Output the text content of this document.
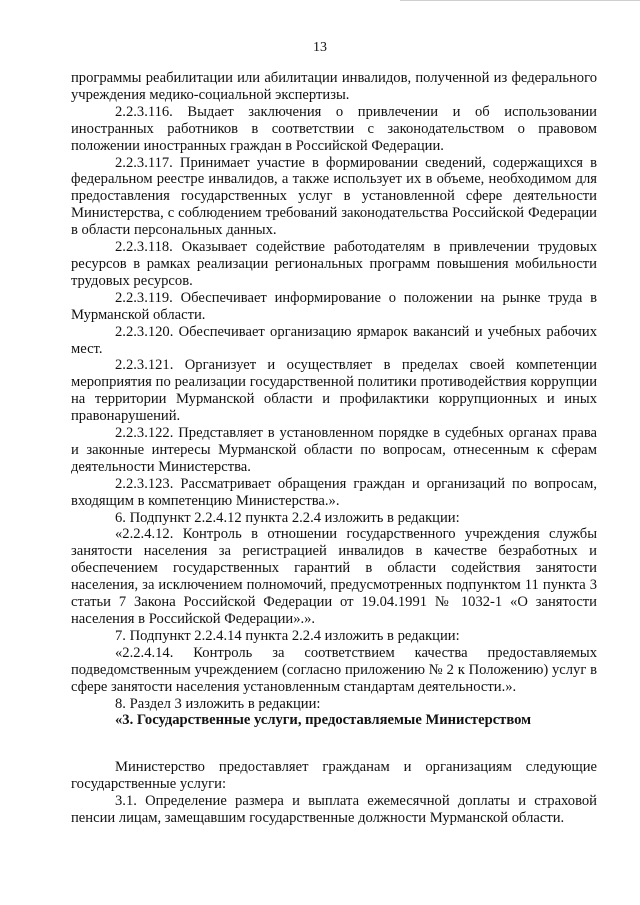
13

программы реабилитации или абилитации инвалидов, полученной из федерального учреждения медико-социальной экспертизы.

2.2.3.116. Выдает заключения о привлечении и об использовании иностранных работников в соответствии с законодательством о правовом положении иностранных граждан в Российской Федерации.

2.2.3.117. Принимает участие в формировании сведений, содержащихся в федеральном реестре инвалидов, а также использует их в объеме, необходимом для предоставления государственных услуг в установленной сфере деятельности Министерства, с соблюдением требований законодательства Российской Федерации в области персональных данных.

2.2.3.118. Оказывает содействие работодателям в привлечении трудовых ресурсов в рамках реализации региональных программ повышения мобильности трудовых ресурсов.

2.2.3.119. Обеспечивает информирование о положении на рынке труда в Мурманской области.

2.2.3.120. Обеспечивает организацию ярмарок вакансий и учебных рабочих мест.

2.2.3.121. Организует и осуществляет в пределах своей компетенции мероприятия по реализации государственной политики противодействия коррупции на территории Мурманской области и профилактики коррупционных и иных правонарушений.

2.2.3.122. Представляет в установленном порядке в судебных органах права и законные интересы Мурманской области по вопросам, отнесенным к сферам деятельности Министерства.

2.2.3.123. Рассматривает обращения граждан и организаций по вопросам, входящим в компетенцию Министерства.».

6. Подпункт 2.2.4.12 пункта 2.2.4 изложить в редакции:

«2.2.4.12. Контроль в отношении государственного учреждения службы занятости населения за регистрацией инвалидов в качестве безработных и обеспечением государственных гарантий в области содействия занятости населения, за исключением полномочий, предусмотренных подпунктом 11 пункта 3 статьи 7 Закона Российской Федерации от 19.04.1991 № 1032-1 «О занятости населения в Российской Федерации».».

7. Подпункт 2.2.4.14 пункта 2.2.4 изложить в редакции:

«2.2.4.14. Контроль за соответствием качества предоставляемых подведомственным учреждением (согласно приложению № 2 к Положению) услуг в сфере занятости населения установленным стандартам деятельности.».

8. Раздел 3 изложить в редакции:

«3. Государственные услуги, предоставляемые Министерством

Министерство предоставляет гражданам и организациям следующие государственные услуги:

3.1. Определение размера и выплата ежемесячной доплаты и страховой пенсии лицам, замещавшим государственные должности Мурманской области.
